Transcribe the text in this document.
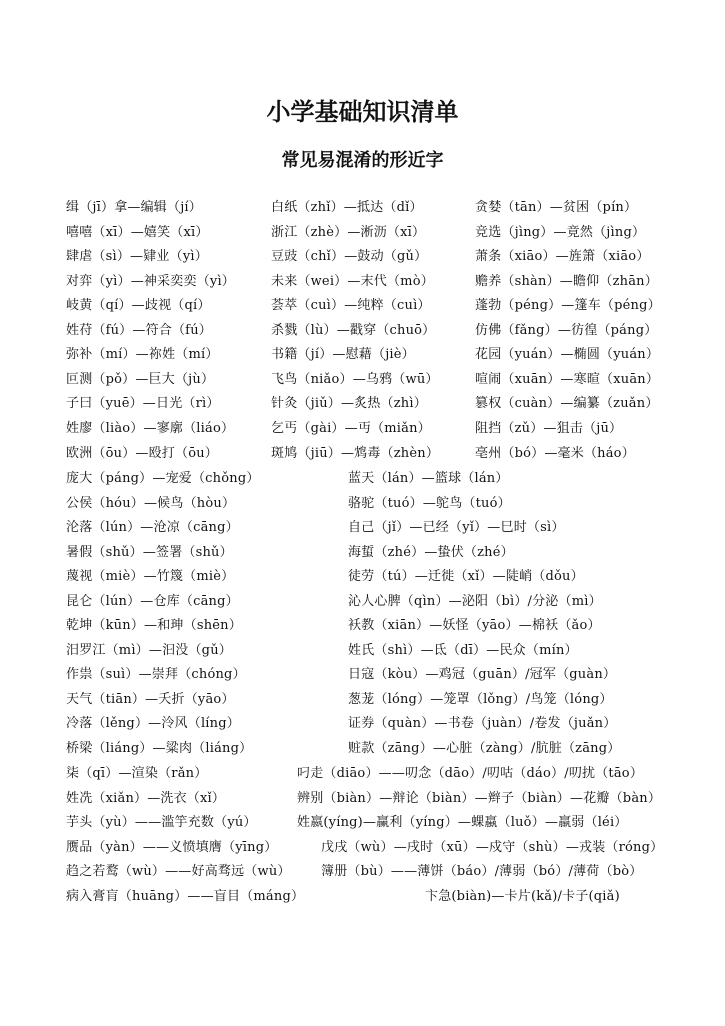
小学基础知识清单
常见易混淆的形近字

缉（jī）拿—编辑（jí）	白纸（zhǐ）—抵达（dǐ）	贪婪（tān）—贫困（pín）

嘻嘻（xī）—嬉笑（xī）	浙江（zhè）—淅沥（xī）	竞选（jìng）—竟然（jìng）

肆虐（sì）—肄业（yì）	豆豉（chǐ）—鼓动（gǔ）	萧条（xiāo）—旌箫（xiāo）

对弈（yì）—神采奕奕（yì）	未来（wei）—末代（mò）	赡养（shàn）—瞻仰（zhān）

岐黄（qí）—歧视（qí）	荟萃（cuì）—纯粹（cuì）	蓬勃（péng）—篷车（péng）

姓苻（fú）—符合（fú）	杀戮（lù）—戳穿（chuō）	仿佛（fǎng）—彷徨（páng）

弥补（mí）—祢姓（mí）	书籍（jí）—慰藉（jiè）	花园（yuán）—椭圆（yuán）

叵测（pǒ）—巨大（jù）	飞鸟（niǎo）—乌鸦（wū）	喧闹（xuān）—寒暄（xuān）

子曰（yuē）—日光（rì）	针灸（jiǔ）—炙热（zhì）	篡权（cuàn）—编纂（zuǎn）

姓廖（liào）—寥廓（liáo）	乞丐（gài）—丏（miǎn）	阻挡（zǔ）—狙击（jū）

欧洲（ōu）—殴打（ōu）	斑鸠（jiū）—鸩毒（zhèn）	亳州（bó）—毫米（háo）

庞大（páng）—宠爱（chǒng）	蓝天（lán）—篮球（lán）

公侯（hóu）—候鸟（hòu）	骆驼（tuó）—鸵鸟（tuó）

沦落（lún）—沧凉（cāng）	自己（jǐ）—已经（yǐ）—巳时（sì）

暑假（shǔ）—签署（shǔ）	海蜇（zhé）—蛰伏（zhé）

蔑视（miè）—竹篾（miè）	徒劳（tú）—迁徙（xǐ）—陡峭（dǒu）

昆仑（lún）—仓库（cāng）	沁人心脾（qìn）—泌阳（bì）/分泌（mì）

乾坤（kūn）—和珅（shēn）	袄教（xiān）—妖怪（yāo）—棉袄（ǎo）

汨罗江（mì）—汩没（gǔ）	姓氏（shì）—氐（dī）—民众（mín）

作祟（suì）—崇拜（chóng）	日寇（kòu）—鸡冠（guān）/冠军（guàn）

天气（tiān）—夭折（yāo）	葱茏（lóng）—笼罩（lǒng）/鸟笼（lóng）

冷落（lěng）—泠风（líng）	证券（quàn）—书卷（juàn）/卷发（juǎn）

桥梁（liáng）—粱肉（liáng）	赃款（zāng）—心脏（zàng）/肮脏（zāng）

柒（qī）—渲染（rǎn）	叼走（diāo）——叨念（dāo）/叨咕（dáo）/叨扰（tāo）

姓冼（xiǎn）—洗衣（xǐ）	辨别（biàn）—辩论（biàn）—辫子（biàn）—花瓣（bàn）

芋头（yù）——滥竽充数（yú）	姓嬴(yíng)—赢利（yíng）—蜾蠃（luǒ）—羸弱（léi）

赝品（yàn）——义愤填膺（yīng）	戊戌（wù）—戌时（xū）—戍守（shù）—戎装（róng）

趋之若鹜（wù）——好高骛远（wù） 簿册（bù）——薄饼（báo）/薄弱（bó）/薄荷（bò）

病入膏肓（huāng）——盲目（máng）	卞急(biàn)—卡片(kǎ)/卡子(qiǎ)
